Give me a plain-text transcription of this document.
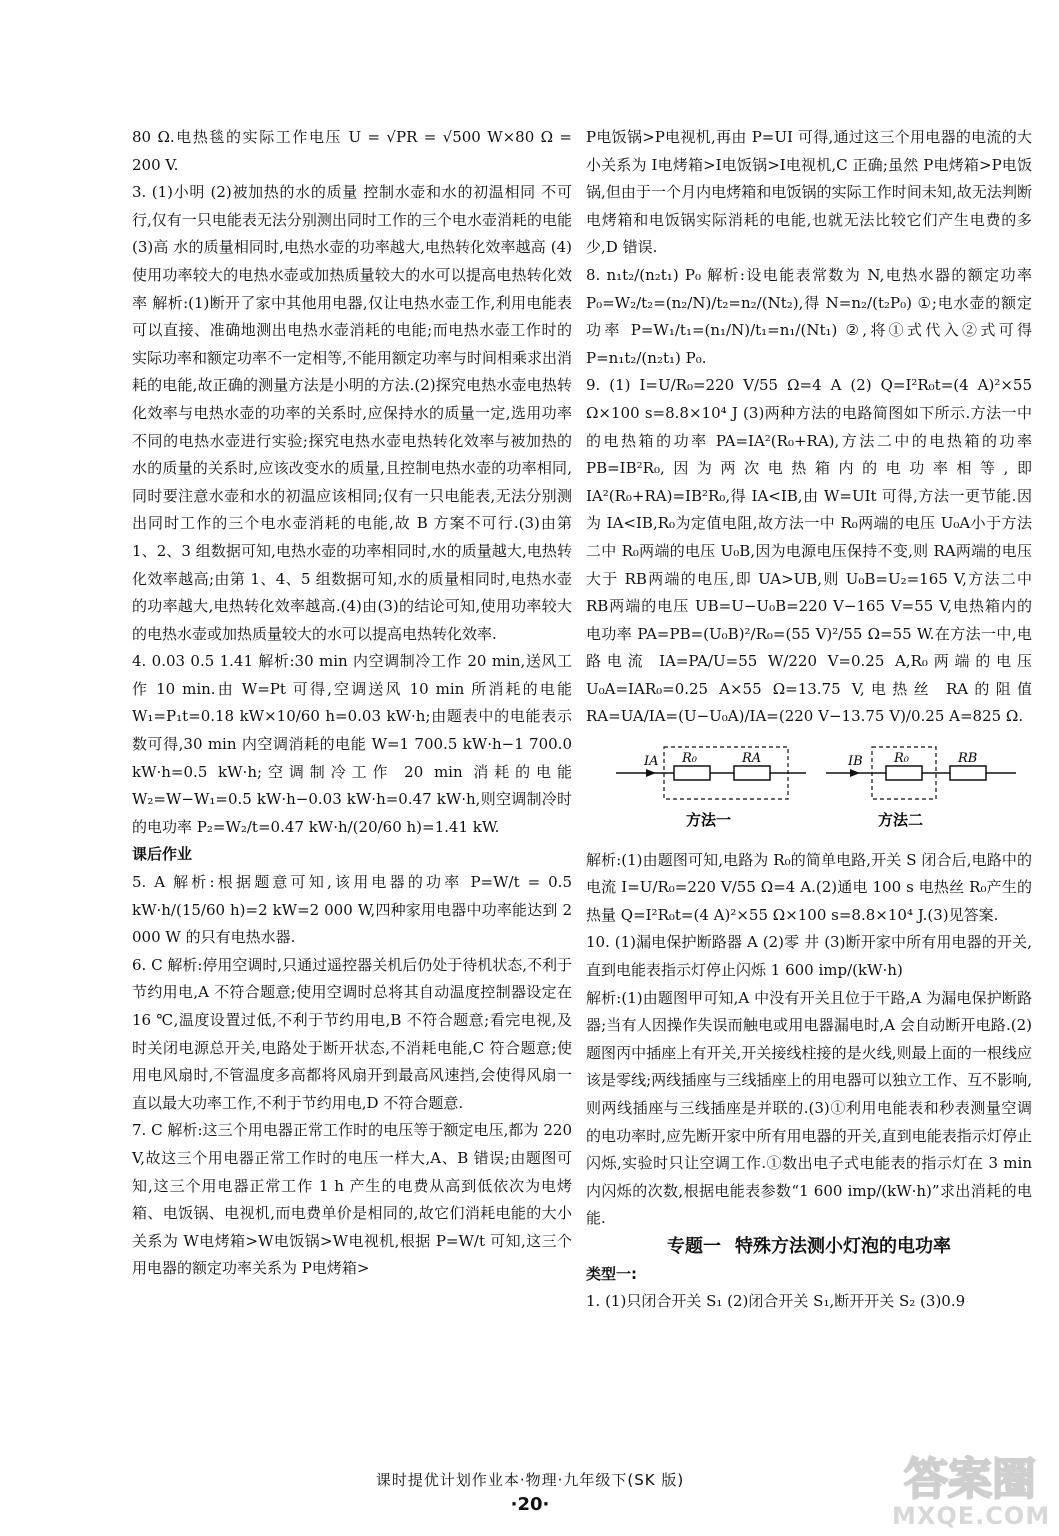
80 Ω.电热毯的实际工作电压 U = √PR = √500 W×80 Ω = 200 V.

3. (1)小明 (2)被加热的水的质量 控制水壶和水的初温相同 不可行,仅有一只电能表无法分别测出同时工作的三个电水壶消耗的电能 (3)高 水的质量相同时,电热水壶的功率越大,电热转化效率越高 (4)使用功率较大的电热水壶或加热质量较大的水可以提高电热转化效率 解析:(1)断开了家中其他用电器,仅让电热水壶工作,利用电能表可以直接、准确地测出电热水壶消耗的电能;而电热水壶工作时的实际功率和额定功率不一定相等,不能用额定功率与时间相乘求出消耗的电能,故正确的测量方法是小明的方法.(2)探究电热水壶电热转化效率与电热水壶的功率的关系时,应保持水的质量一定,选用功率不同的电热水壶进行实验;探究电热水壶电热转化效率与被加热的水的质量的关系时,应该改变水的质量,且控制电热水壶的功率相同,同时要注意水壶和水的初温应该相同;仅有一只电能表,无法分别测出同时工作的三个电水壶消耗的电能,故 B 方案不可行.(3)由第 1、2、3 组数据可知,电热水壶的功率相同时,水的质量越大,电热转化效率越高;由第 1、4、5 组数据可知,水的质量相同时,电热水壶的功率越大,电热转化效率越高.(4)由(3)的结论可知,使用功率较大的电热水壶或加热质量较大的水可以提高电热转化效率.

4. 0.03 0.5 1.41 解析:30 min 内空调制冷工作 20 min,送风工作 10 min.由 W=Pt 可得,空调送风 10 min 所消耗的电能 W₁=P₁t=0.18 kW×10/60 h=0.03 kW·h;由题表中的电能表示数可得,30 min 内空调消耗的电能 W=1 700.5 kW·h−1 700.0 kW·h=0.5 kW·h;空调制冷工作 20 min 消耗的电能 W₂=W−W₁=0.5 kW·h−0.03 kW·h=0.47 kW·h,则空调制冷时的电功率 P₂=W₂/t=0.47 kW·h/(20/60 h)=1.41 kW.

课后作业

5. A 解析:根据题意可知,该用电器的功率 P=W/t = 0.5 kW·h/(15/60 h)=2 kW=2 000 W,四种家用电器中功率能达到 2 000 W 的只有电热水器.

6. C 解析:停用空调时,只通过遥控器关机后仍处于待机状态,不利于节约用电,A 不符合题意;使用空调时总将其自动温度控制器设定在 16 ℃,温度设置过低,不利于节约用电,B 不符合题意;看完电视,及时关闭电源总开关,电路处于断开状态,不消耗电能,C 符合题意;使用电风扇时,不管温度多高都将风扇开到最高风速挡,会使得风扇一直以最大功率工作,不利于节约用电,D 不符合题意.

7. C 解析:这三个用电器正常工作时的电压等于额定电压,都为 220 V,故这三个用电器正常工作时的电压一样大,A、B 错误;由题图可知,这三个用电器正常工作 1 h 产生的电费从高到低依次为电烤箱、电饭锅、电视机,而电费单价是相同的,故它们消耗电能的大小关系为 W电烤箱>W电饭锅>W电视机,根据 P=W/t 可知,这三个用电器的额定功率关系为 P电烤箱>

P电饭锅>P电视机,再由 P=UI 可得,通过这三个用电器的电流的大小关系为 I电烤箱>I电饭锅>I电视机,C 正确;虽然 P电烤箱>P电饭锅,但由于一个月内电烤箱和电饭锅的实际工作时间未知,故无法判断电烤箱和电饭锅实际消耗的电能,也就无法比较它们产生电费的多少,D 错误.

8. n₁t₂/(n₂t₁) P₀ 解析:设电能表常数为 N,电热水器的额定功率 P₀=W₂/t₂=(n₂/N)/t₂=n₂/(Nt₂),得 N=n₂/(t₂P₀) ①;电水壶的额定功率 P=W₁/t₁=(n₁/N)/t₁=n₁/(Nt₁) ②,将①式代入②式可得 P=n₁t₂/(n₂t₁) P₀.

9. (1) I=U/R₀=220 V/55 Ω=4 A (2) Q=I²R₀t=(4 A)²×55 Ω×100 s=8.8×10⁴ J (3)两种方法的电路简图如下所示.方法一中的电热箱的功率 PA=IA²(R₀+RA),方法二中的电热箱的功率 PB=IB²R₀,因为两次电热箱内的电功率相等,即 IA²(R₀+RA)=IB²R₀,得 IA<IB,由 W=UIt 可得,方法一更节能.因为 IA<IB,R₀为定值电阻,故方法一中 R₀两端的电压 U₀A小于方法二中 R₀两端的电压 U₀B,因为电源电压保持不变,则 RA两端的电压大于 RB两端的电压,即 UA>UB,则 U₀B=U₂=165 V,方法二中 RB两端的电压 UB=U−U₀B=220 V−165 V=55 V,电热箱内的电功率 PA=PB=(U₀B)²/R₀=(55 V)²/55 Ω=55 W.在方法一中,电路电流 IA=PA/U=55 W/220 V=0.25 A,R₀两端的电压 U₀A=IAR₀=0.25 A×55 Ω=13.75 V,电热丝 RA的阻值 RA=UA/IA=(U−U₀A)/IA=(220 V−13.75 V)/0.25 A=825 Ω.

IA R₀	RA
方法一
IB R₀	RB
方法二

解析:(1)由题图可知,电路为 R₀的简单电路,开关 S 闭合后,电路中的电流 I=U/R₀=220 V/55 Ω=4 A.(2)通电 100 s 电热丝 R₀产生的热量 Q=I²R₀t=(4 A)²×55 Ω×100 s=8.8×10⁴ J.(3)见答案.

10. (1)漏电保护断路器 A (2)零 井 (3)断开家中所有用电器的开关,直到电能表指示灯停止闪烁 1 600 imp/(kW·h)

解析:(1)由题图甲可知,A 中没有开关且位于干路,A 为漏电保护断路器;当有人因操作失误而触电或用电器漏电时,A 会自动断开电路.(2)题图丙中插座上有开关,开关接线柱接的是火线,则最上面的一根线应该是零线;两线插座与三线插座上的用电器可以独立工作、互不影响,则两线插座与三线插座是并联的.(3)①利用电能表和秒表测量空调的电功率时,应先断开家中所有用电器的开关,直到电能表指示灯停止闪烁,实验时只让空调工作.①数出电子式电能表的指示灯在 3 min 内闪烁的次数,根据电能表参数“1 600 imp/(kW·h)”求出消耗的电能.

专题一 特殊方法测小灯泡的电功率

类型一:

1. (1)只闭合开关 S₁ (2)闭合开关 S₁,断开开关 S₂ (3)0.9

课时提优计划作业本·物理·九年级下(SK 版)
·20·	答案圈
MXQE.COM
